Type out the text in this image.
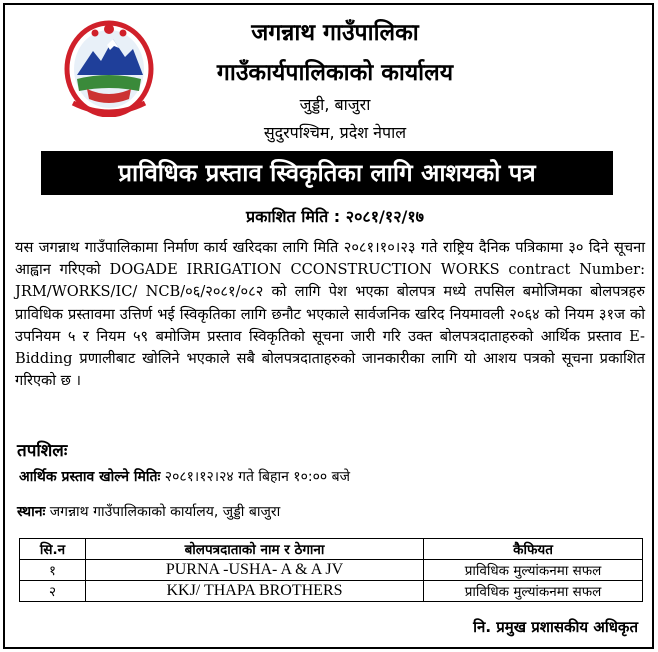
जगन्नाथ गाउँपालिका
गाउँकार्यपालिकाको कार्यालय
जुड्डी, बाजुरा
सुदुरपश्चिम, प्रदेश नेपाल
प्राविधिक प्रस्ताव स्विकृतिका लागि आशयको पत्र
प्रकाशित मिति : २०८१/१२/१७

यस जगन्नाथ गाउँपालिकामा निर्माण कार्य खरिदका लागि मिति २०८१।१०।२३ गते राष्ट्रिय दैनिक पत्रिकामा ३० दिने सूचना आह्वान गरिएको DOGADE IRRIGATION CCONSTRUCTION WORKS contract Number: JRM/WORKS/IC/ NCB/०६/२०८१/०८२ को लागि पेश भएका बोलपत्र मध्ये तपसिल बमोजिमका बोलपत्रहरु प्राविधिक प्रस्तावमा उत्तिर्ण भई स्विकृतिका लागि छनौट भएकाले सार्वजनिक खरिद नियमावली २०६४ को नियम ३१ज को उपनियम ५ र नियम ५९ बमोजिम प्रस्ताव स्विकृतिको सूचना जारी गरि उक्त बोलपत्रदाताहरुको आर्थिक प्रस्ताव E-Bidding प्रणालीबाट खोलिने भएकाले सबै बोलपत्रदाताहरुको जानकारीका लागि यो आशय पत्रको सूचना प्रकाशित गरिएको छ ।

तपशिलः
आर्थिक प्रस्ताव खोल्ने मितिः २०८१।१२।२४ गते बिहान १०:०० बजे
स्थानः जगन्नाथ गाउँपालिकाको कार्यालय, जुड्डी बाजुरा
सि.न	बोलपत्रदाताको नाम र ठेगाना	कैफियत
१	PURNA -USHA- A & A JV	प्राविधिक मुल्यांकनमा सफल
२	KKJ/ THAPA BROTHERS	प्राविधिक मुल्यांकनमा सफल
नि. प्रमुख प्रशासकीय अधिकृत
